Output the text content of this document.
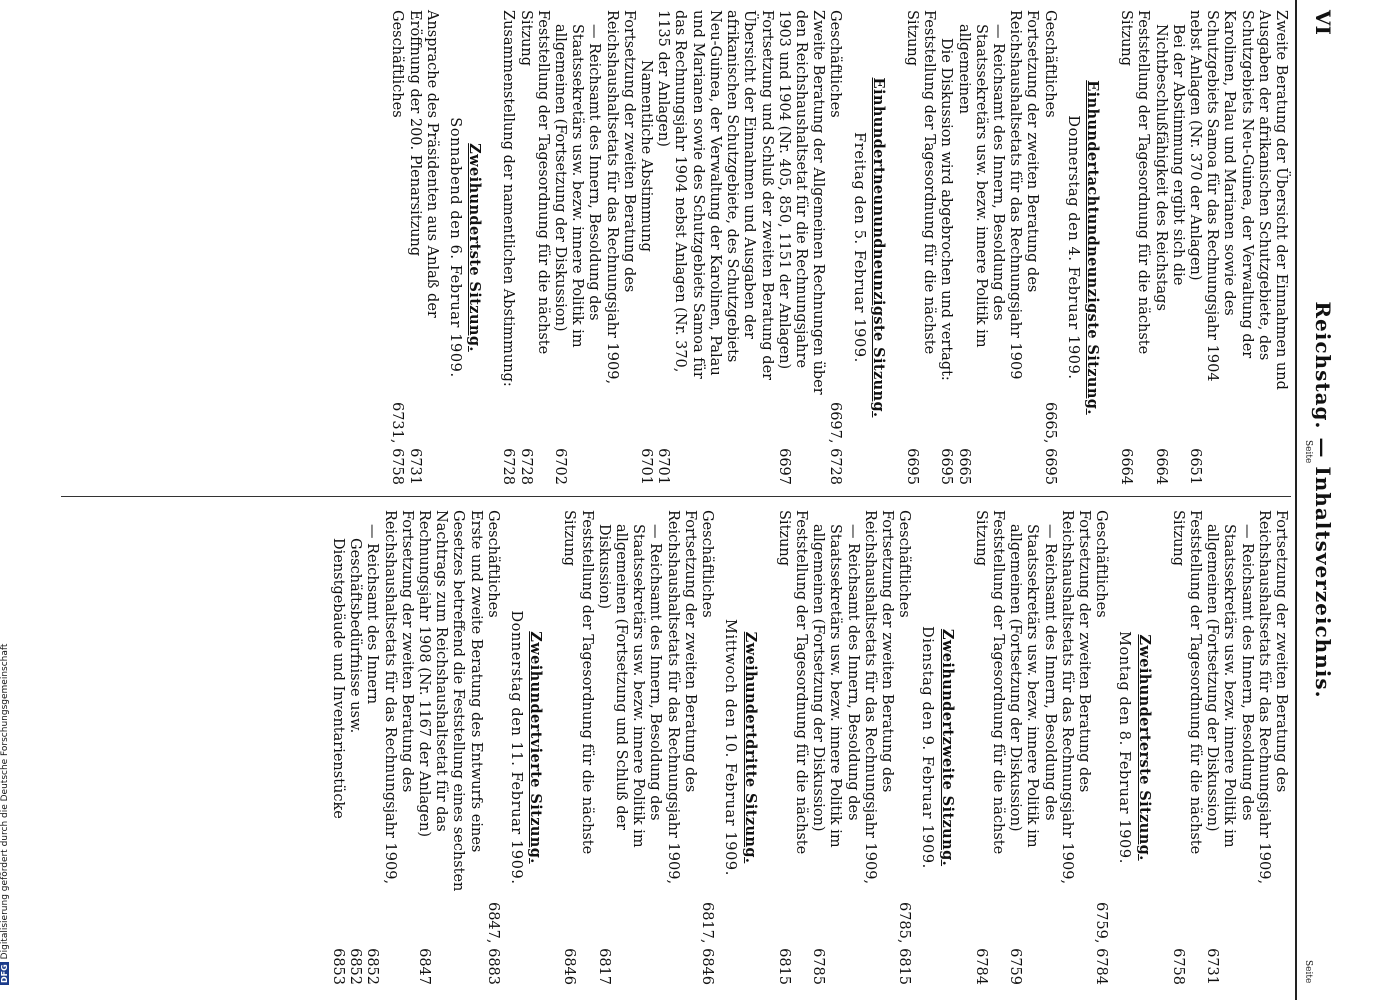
VI
Reichstag. — Inhaltsverzeichnis.
Seite
Seite
Zweite Beratung der Übersicht der Einnahmen und Ausgaben der afrikanischen Schutzgebiete, des Schutzgebiets Neu-Guinea, der Verwaltung der Karolinen, Palau und Marianen sowie des Schutzgebiets Samoa für das Rechnungsjahr 1904 nebst Anlagen (Nr. 370 der Anlagen)
6651
Bei der Abstimmung ergibt sich die Nichtbeschlußfähigkeit des Reichstags
6664
Feststellung der Tagesordnung für die nächste Sitzung
6664
Einhundertachtundneunzigste Sitzung.
Donnerstag den 4. Februar 1909.
Geschäftliches
6665, 6695
Fortsetzung der zweiten Beratung des Reichshaushaltsetats für das Rechnungsjahr 1909
— Reichsamt des Innern, Besoldung des Staatssekretärs usw. bezw. innere Politik im allgemeinen
6665
Die Diskussion wird abgebrochen und vertagt:
6695
Feststellung der Tagesordnung für die nächste Sitzung
6695
Einhundertneunundneunzigste Sitzung.
Freitag den 5. Februar 1909.
Geschäftliches
6697, 6728
Zweite Beratung der Allgemeinen Rechnungen über den Reichshaushaltsetat für die Rechnungsjahre 1903 und 1904 (Nr. 405, 850, 1151 der Anlagen)
6697
Fortsetzung und Schluß der zweiten Beratung der Übersicht der Einnahmen und Ausgaben der afrikanischen Schutzgebiete, des Schutzgebiets Neu-Guinea, der Verwaltung der Karolinen, Palau und Marianen sowie des Schutzgebiets Samoa für das Rechnungsjahr 1904 nebst Anlagen (Nr. 370, 1135 der Anlagen)
6701
Namentliche Abstimmung
6701
Fortsetzung der zweiten Beratung des Reichshaushaltsetats für das Rechnungsjahr 1909,
— Reichsamt des Innern, Besoldung des Staatssekretärs usw. bezw. innere Politik im allgemeinen (Fortsetzung der Diskussion)
6702
Feststellung der Tagesordnung für die nächste Sitzung
6728
Zusammenstellung der namentlichen Abstimmung:
6728
Zweihundertste Sitzung.
Sonnabend den 6. Februar 1909.
Ansprache des Präsidenten aus Anlaß der Eröffnung der 200. Plenarsitzung
6731
Geschäftliches
6731, 6758
Fortsetzung der zweiten Beratung des Reichshaushaltsetats für das Rechnungsjahr 1909,
— Reichsamt des Innern, Besoldung des Staatssekretärs usw. bezw. innere Politik im allgemeinen (Fortsetzung der Diskussion)
6731
Feststellung der Tagesordnung für die nächste Sitzung
6758
Zweihunderterste Sitzung.
Montag den 8. Februar 1909.
Geschäftliches
6759, 6784
Fortsetzung der zweiten Beratung des Reichshaushaltsetats für das Rechnungsjahr 1909,
— Reichsamt des Innern, Besoldung des Staatssekretärs usw. bezw. innere Politik im allgemeinen (Fortsetzung der Diskussion)
6759
Feststellung der Tagesordnung für die nächste Sitzung
6784
Zweihundertzweite Sitzung.
Dienstag den 9. Februar 1909.
Geschäftliches
6785, 6815
Fortsetzung der zweiten Beratung des Reichshaushaltsetats für das Rechnungsjahr 1909,
— Reichsamt des Innern, Besoldung des Staatssekretärs usw. bezw. innere Politik im allgemeinen (Fortsetzung der Diskussion)
6785
Feststellung der Tagesordnung für die nächste Sitzung
6815
Zweihundertdritte Sitzung.
Mittwoch den 10. Februar 1909.
Geschäftliches
6817, 6846
Fortsetzung der zweiten Beratung des Reichshaushaltsetats für das Rechnungsjahr 1909,
— Reichsamt des Innern, Besoldung des Staatssekretärs usw. bezw. innere Politik im allgemeinen (Fortsetzung und Schluß der Diskussion)
6817
Feststellung der Tagesordnung für die nächste Sitzung
6846
Zweihundertvierte Sitzung.
Donnerstag den 11. Februar 1909.
Geschäftliches
6847, 6883
Erste und zweite Beratung des Entwurfs eines Gesetzes betreffend die Feststellung eines sechsten Nachtrags zum Reichshaushaltsetat für das Rechnungsjahr 1908 (Nr. 1167 der Anlagen)
6847
Fortsetzung der zweiten Beratung des Reichshaushaltsetats für das Rechnungsjahr 1909,
— Reichsamt des Innern
6852
Geschäftsbedürfnisse usw.
6852
Dienstgebäude und Inventarienstücke
6853
DFGDigitalisierung gefördert durch die Deutsche Forschungsgemeinschaft
